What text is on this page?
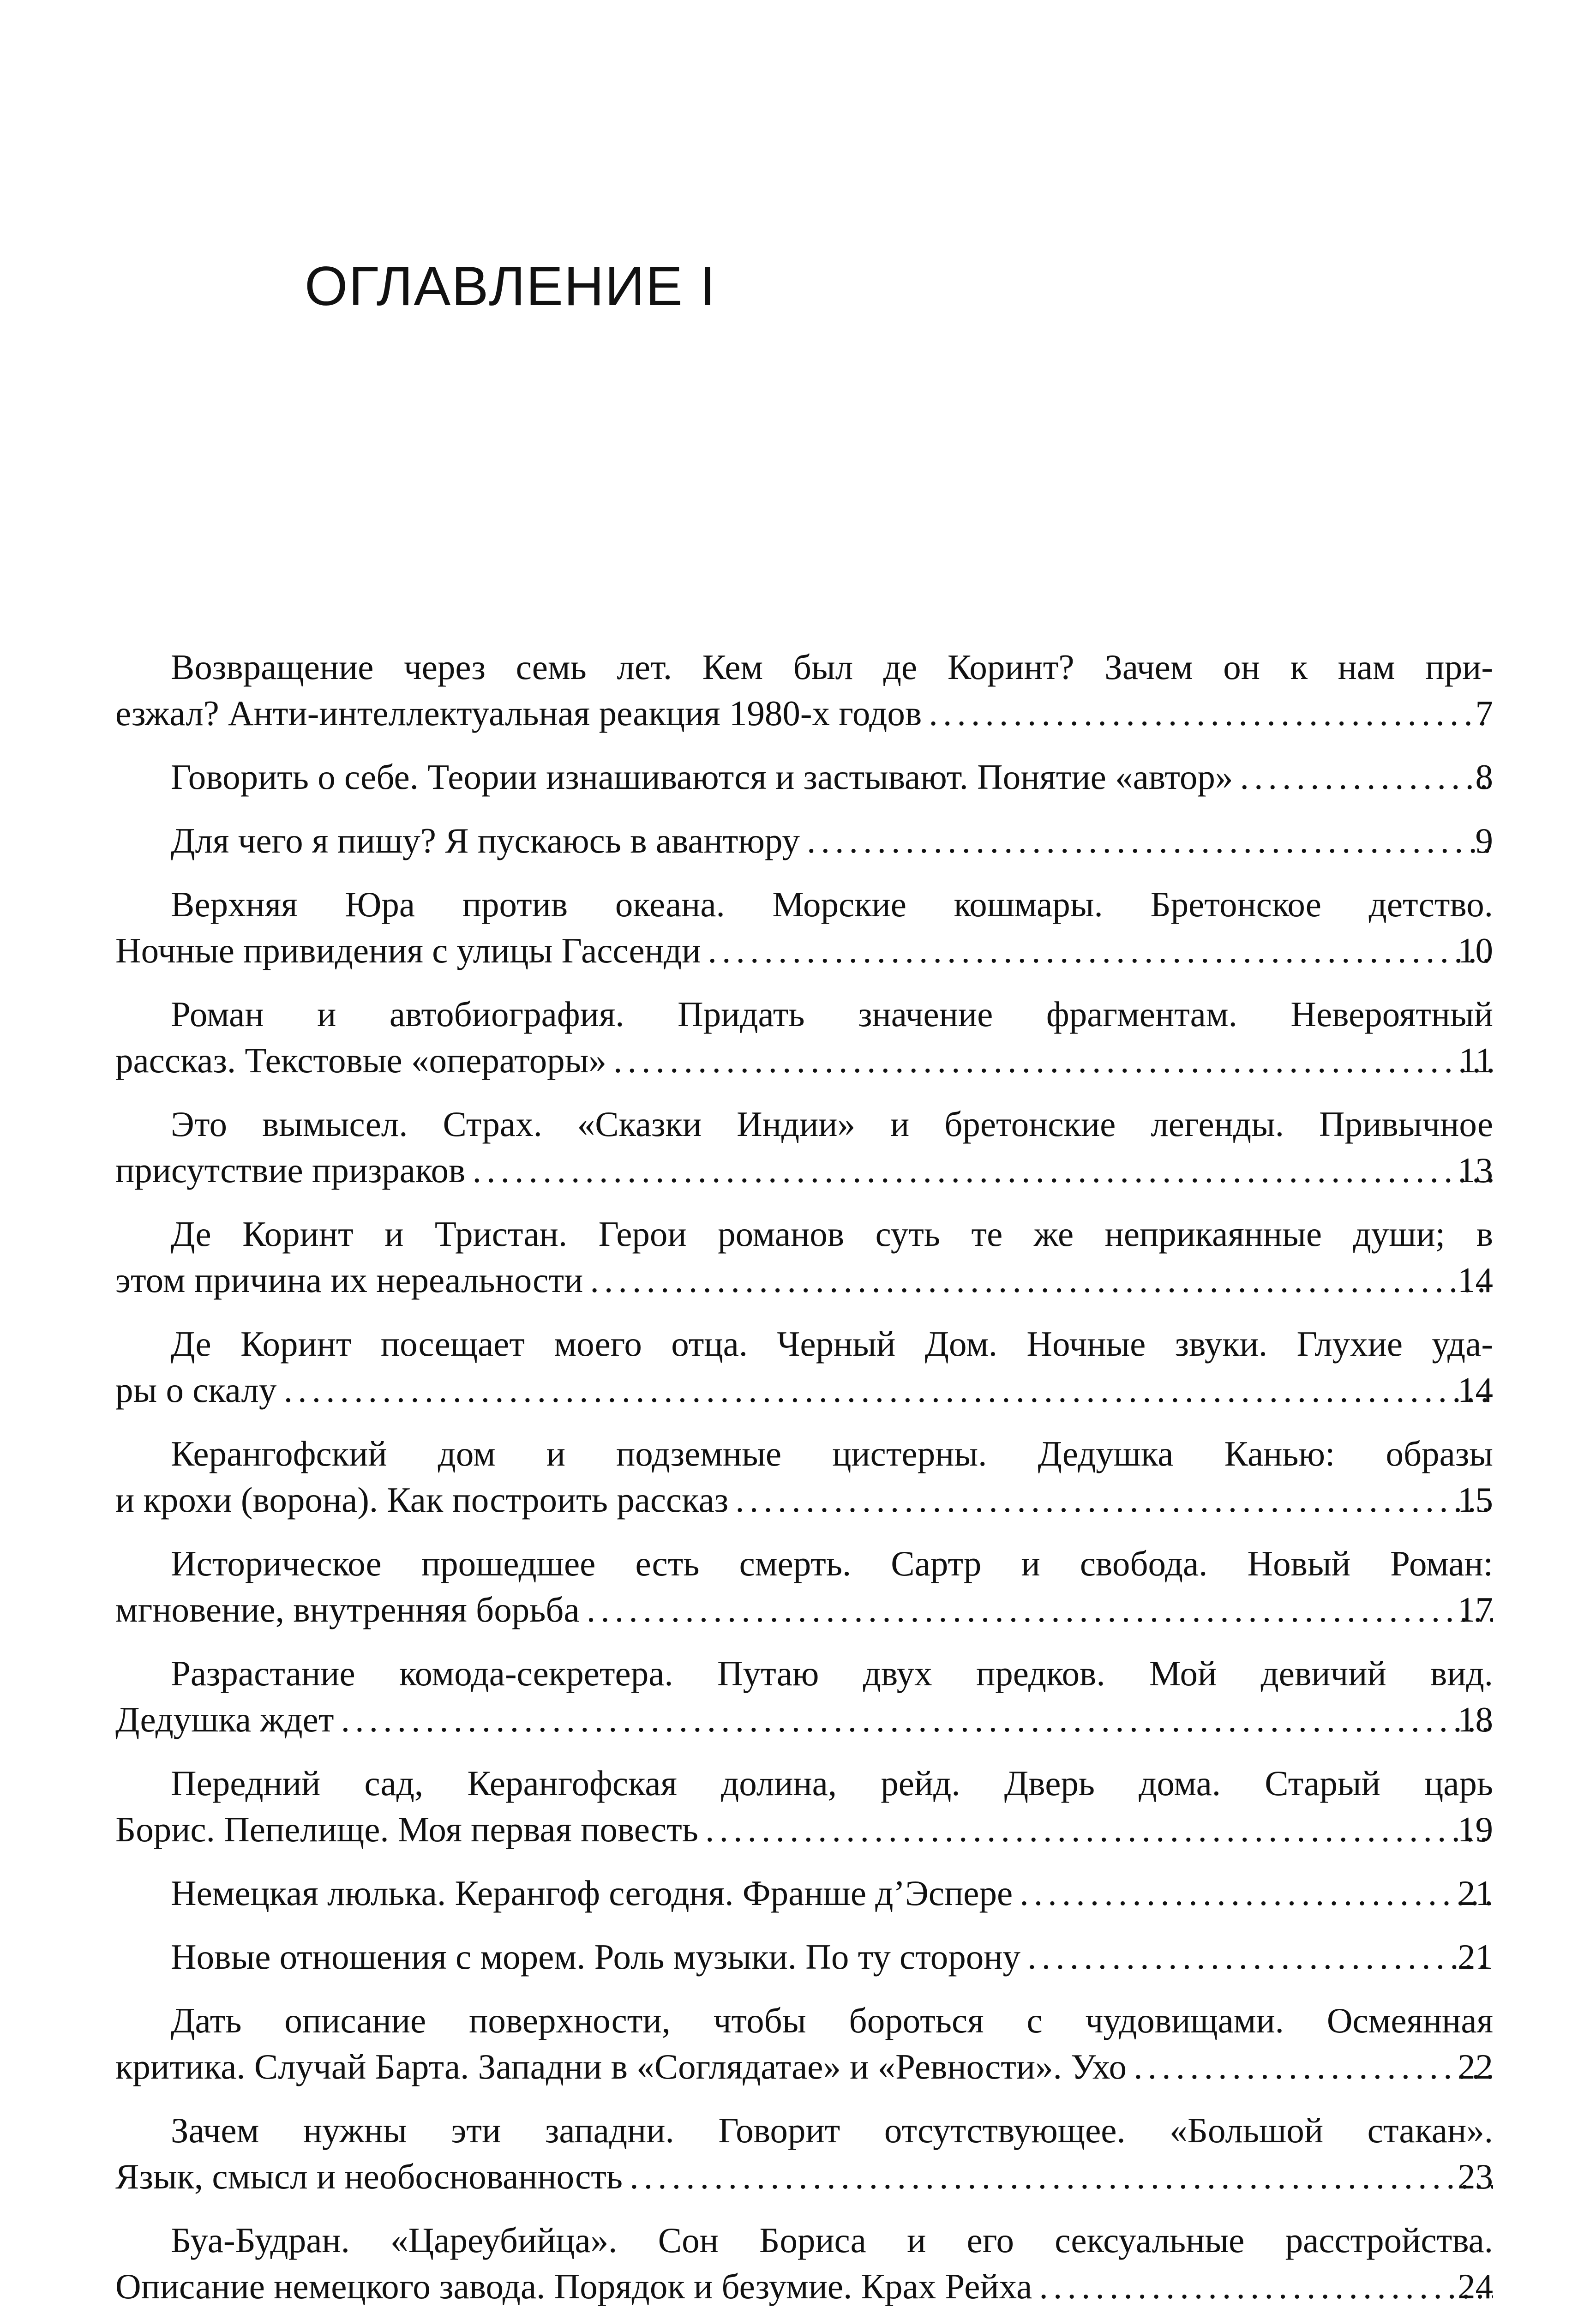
ОГЛАВЛЕНИЕ I
Возвращение через семь лет. Кем был де Коринт? Зачем он к нам при-
езжал? Анти-интеллектуальная реакция 1980-х годов . . .	7
Говорить о себе. Теории изнашиваются и застывают. Понятие «автор» . . .	8
Для чего я пишу? Я пускаюсь в авантюру . . .	9
Верхняя Юра против океана. Морские кошмары. Бретонское детство.
Ночные привидения с улицы Гассенди . . .	10
Роман и автобиография. Придать значение фрагментам. Невероятный
рассказ. Текстовые «операторы» . . .	11
Это вымысел. Страх. «Сказки Индии» и бретонские легенды. Привычное
присутствие призраков . . .	13
Де Коринт и Тристан. Герои романов суть те же неприкаянные души; в
этом причина их нереальности . . .	14
Де Коринт посещает моего отца. Черный Дом. Ночные звуки. Глухие уда-
ры о скалу . . .	14
Керангофский дом и подземные цистерны. Дедушка Канью: образы
и крохи (ворона). Как построить рассказ . . .	15
Историческое прошедшее есть смерть. Сартр и свобода. Новый Роман:
мгновение, внутренняя борьба . . .	17
Разрастание комода-секретера. Путаю двух предков. Мой девичий вид.
Дедушка ждет . . .	18
Передний сад, Керангофская долина, рейд. Дверь дома. Старый царь
Борис. Пепелище. Моя первая повесть . . .	19
Немецкая люлька. Керангоф сегодня. Франше д’Эспере . . .	21
Новые отношения с морем. Роль музыки. По ту сторону . . .	21
Дать описание поверхности, чтобы бороться с чудовищами. Осмеянная
критика. Случай Барта. Западни в «Соглядатае» и «Ревности». Ухо . . .	22
Зачем нужны эти западни. Говорит отсутствующее. «Большой стакан».
Язык, смысл и необоснованность . . .	23
Буа-Будран. «Цареубийца». Сон Бориса и его сексуальные расстройства.
Описание немецкого завода. Порядок и безумие. Крах Рейха . . .	24
